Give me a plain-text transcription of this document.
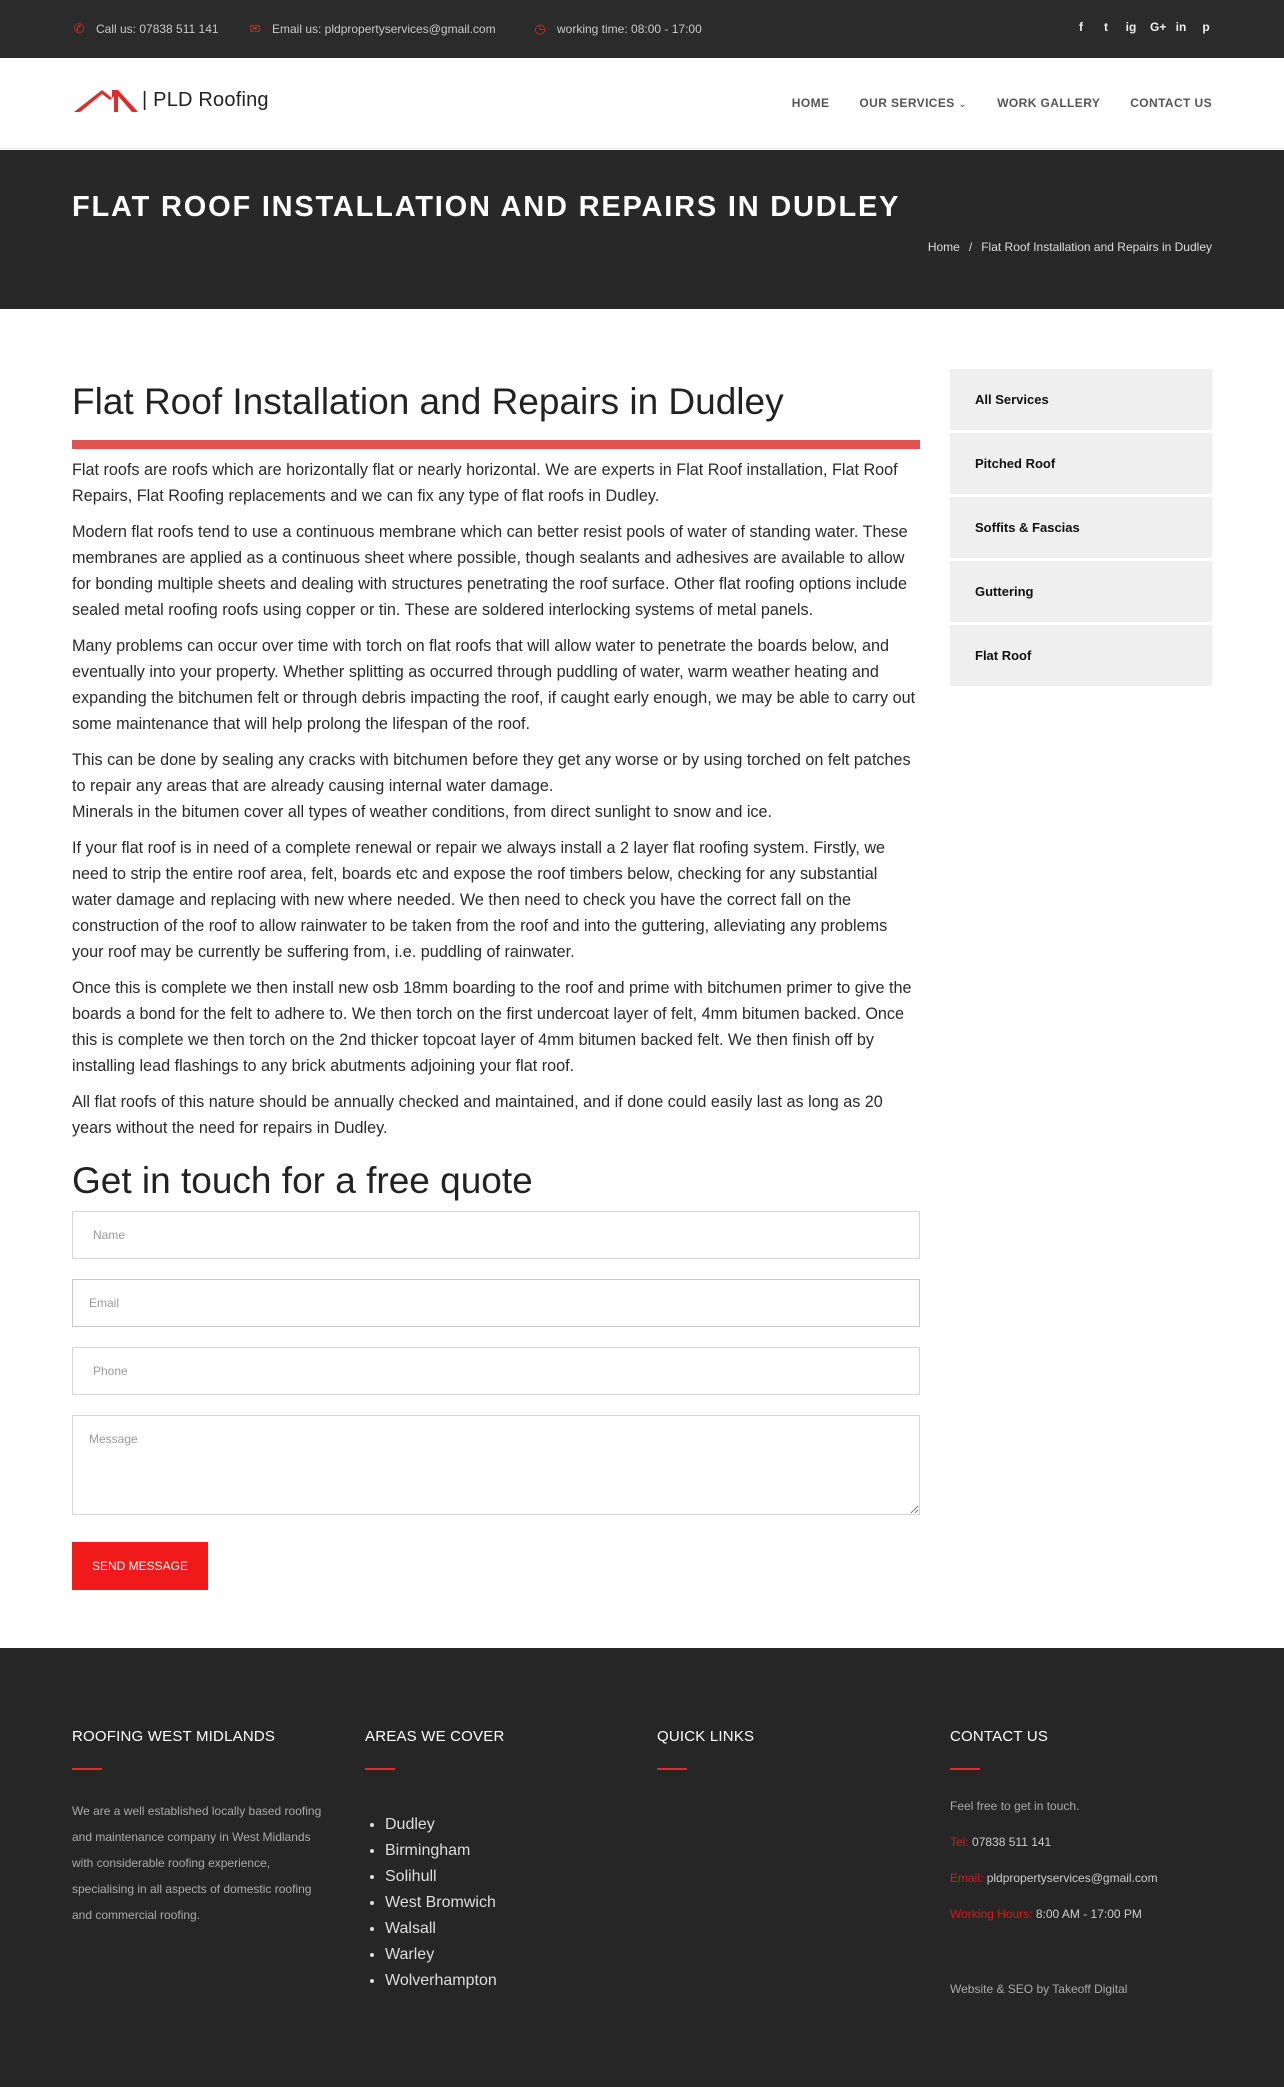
✆ Call us: 07838 511 141 ✉ Email us: pldpropertyservices@gmail.com	◷ working time: 08:00 - 17:00	f	t	ig G+ in p
| PLD Roofing	HOME	OUR SERVICES ⌄	WORK GALLERY	CONTACT US
FLAT ROOF INSTALLATION AND REPAIRS IN DUDLEY
Home / Flat Roof Installation and Repairs in Dudley
Flat Roof Installation and Repairs in Dudley

Flat roofs are roofs which are horizontally flat or nearly horizontal. We are experts in Flat Roof installation, Flat Roof Repairs, Flat Roofing replacements and we can fix any type of flat roofs in Dudley.

Modern flat roofs tend to use a continuous membrane which can better resist pools of water of standing water. These membranes are applied as a continuous sheet where possible, though sealants and adhesives are available to allow for bonding multiple sheets and dealing with structures penetrating the roof surface. Other flat roofing options include sealed metal roofing roofs using copper or tin. These are soldered interlocking systems of metal panels.

Many problems can occur over time with torch on flat roofs that will allow water to penetrate the boards below, and eventually into your property. Whether splitting as occurred through puddling of water, warm weather heating and expanding the bitchumen felt or through debris impacting the roof, if caught early enough, we may be able to carry out some maintenance that will help prolong the lifespan of the roof.

This can be done by sealing any cracks with bitchumen before they get any worse or by using torched on felt patches to repair any areas that are already causing internal water damage.
Minerals in the bitumen cover all types of weather conditions, from direct sunlight to snow and ice.

If your flat roof is in need of a complete renewal or repair we always install a 2 layer flat roofing system. Firstly, we need to strip the entire roof area, felt, boards etc and expose the roof timbers below, checking for any substantial water damage and replacing with new where needed. We then need to check you have the correct fall on the construction of the roof to allow rainwater to be taken from the roof and into the guttering, alleviating any problems your roof may be currently be suffering from, i.e. puddling of rainwater.

Once this is complete we then install new osb 18mm boarding to the roof and prime with bitchumen primer to give the boards a bond for the felt to adhere to. We then torch on the first undercoat layer of felt, 4mm bitumen backed. Once this is complete we then torch on the 2nd thicker topcoat layer of 4mm bitumen backed felt. We then finish off by installing lead flashings to any brick abutments adjoining your flat roof.

All flat roofs of this nature should be annually checked and maintained, and if done could easily last as long as 20 years without the need for repairs in Dudley.

Get in touch for a free quote
Name
Email
Phone
Message SEND MESSAGE
All Services
Pitched Roof
Soffits & Fascias
Guttering
Flat Roof
ROOFING WEST MIDLANDS
We are a well established locally based roofing and maintenance company in West Midlands with considerable roofing experience, specialising in all aspects of domestic roofing and commercial roofing.
AREAS WE COVER
• Dudley
• Birmingham
• Solihull
• West Bromwich
• Walsall
• Warley
• Wolverhampton
QUICK LINKS	CONTACT US
Feel free to get in touch.
Tel: 07838 511 141
Email: pldpropertyservices@gmail.com
Working Hours: 8:00 AM - 17:00 PM
Website & SEO by Takeoff Digital
